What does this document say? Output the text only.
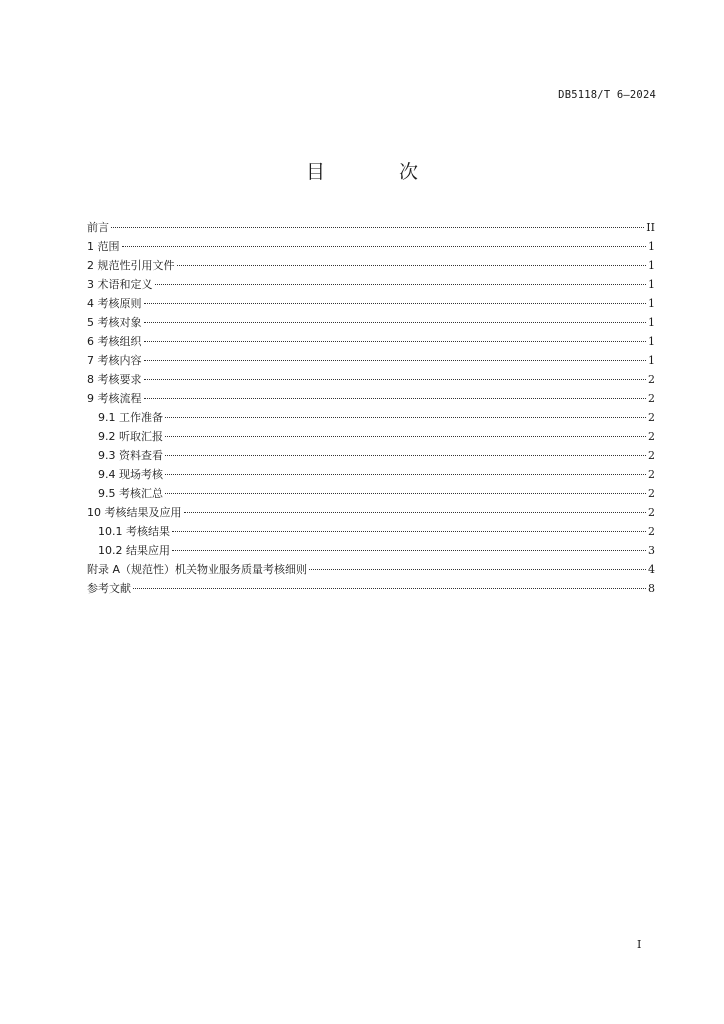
DB5118/T 6—2024
目 次
前言	II
1 范围	1
2 规范性引用文件	1
3 术语和定义	1
4 考核原则	1
5 考核对象	1
6 考核组织	1
7 考核内容	1
8 考核要求	2
9 考核流程	2
9.1 工作准备	2
9.2 听取汇报	2
9.3 资料查看	2
9.4 现场考核	2
9.5 考核汇总	2
10 考核结果及应用	2
10.1 考核结果	2
10.2 结果应用	3
附录 A（规范性）机关物业服务质量考核细则	4
参考文献	8
I
